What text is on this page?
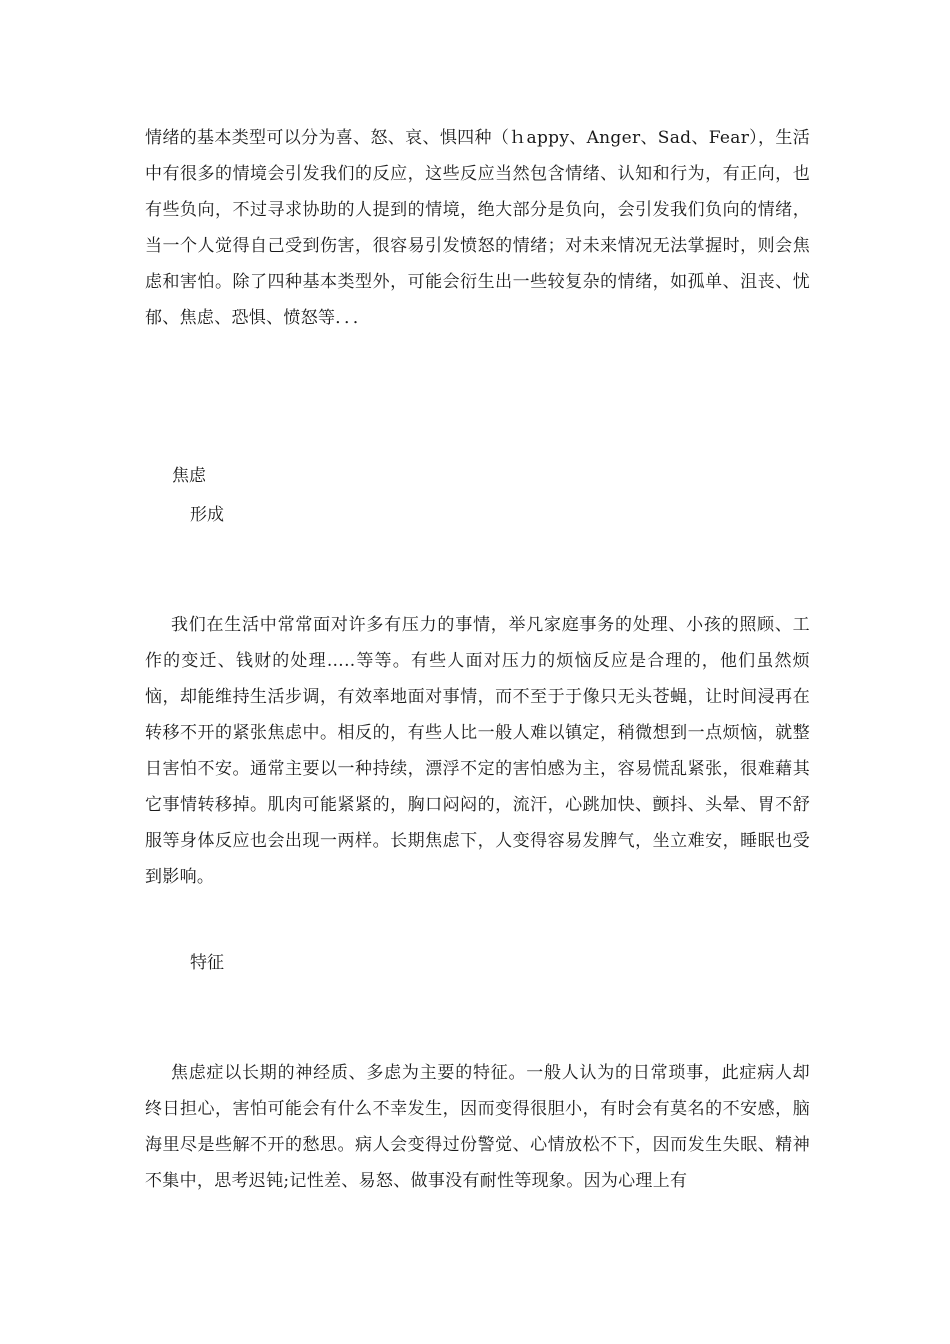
情绪的基本类型可以分为喜、怒、哀、惧四种（ｈappy、Anger、Sad、Fear），生活中有很多的情境会引发我们的反应，这些反应当然包含情绪、认知和行为，有正向，也有些负向，不过寻求协助的人提到的情境，绝大部分是负向，会引发我们负向的情绪，当一个人觉得自己受到伤害，很容易引发愤怒的情绪；对未来情况无法掌握时，则会焦虑和害怕。除了四种基本类型外，可能会衍生出一些较复杂的情绪，如孤单、沮丧、忧郁、焦虑、恐惧、愤怒等．．．

焦虑
形成

我们在生活中常常面对许多有压力的事情，举凡家庭事务的处理、小孩的照顾、工作的变迁、钱财的处理…..等等。有些人面对压力的烦恼反应是合理的，他们虽然烦恼，却能维持生活步调，有效率地面对事情，而不至于于像只无头苍蝇，让时间浸再在转移不开的紧张焦虑中。相反的，有些人比一般人难以镇定，稍微想到一点烦恼，就整日害怕不安。通常主要以一种持续，漂浮不定的害怕感为主，容易慌乱紧张，很难藉其它事情转移掉。肌肉可能紧紧的，胸口闷闷的，流汗，心跳加快、颤抖、头晕、胃不舒服等身体反应也会出现一两样。长期焦虑下，人变得容易发脾气，坐立难安，睡眠也受到影响。

特征

焦虑症以长期的神经质、多虑为主要的特征。一般人认为的日常琐事，此症病人却终日担心，害怕可能会有什么不幸发生，因而变得很胆小，有时会有莫名的不安感，脑海里尽是些解不开的愁思。病人会变得过份警觉、心情放松不下，因而发生失眠、精神不集中，思考迟钝;记性差、易怒、做事没有耐性等现象。因为心理上有
